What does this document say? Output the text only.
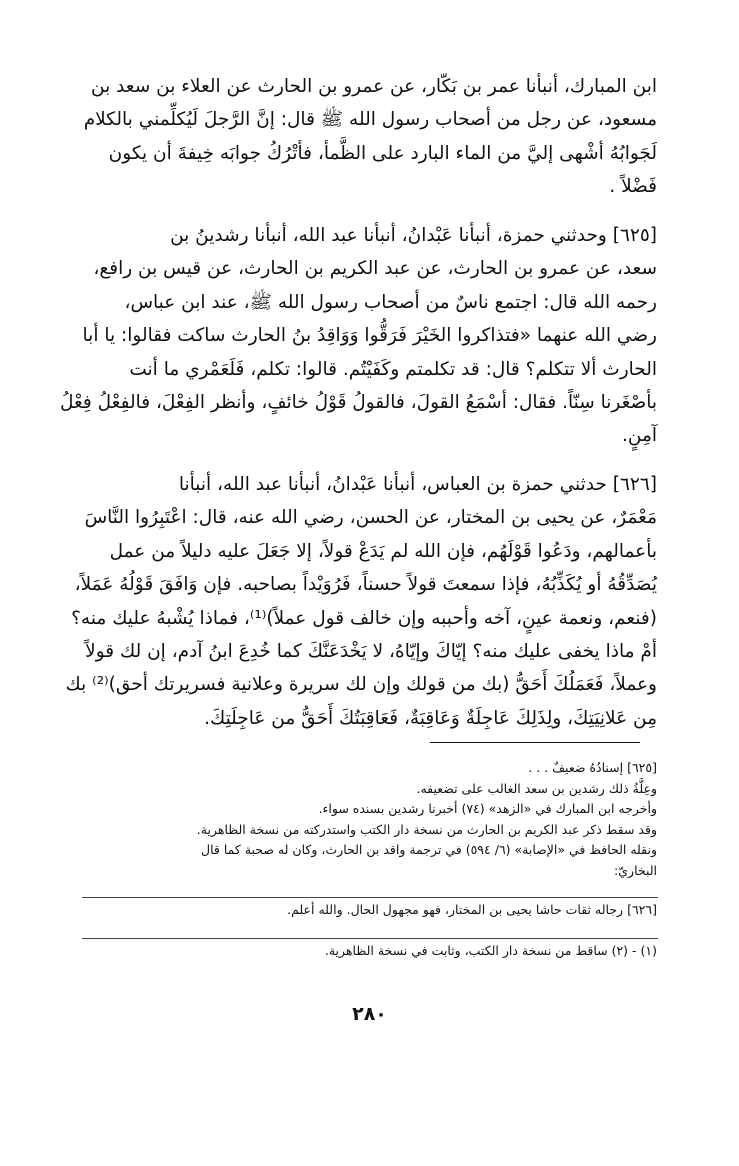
ابن المبارك، أنبأنا عمر بن بَكّار، عن عمرو بن الحارث عن العلاء بن سعد بن
مسعود، عن رجل من أصحاب رسول الله ﷺ قال: إنَّ الرَّجلَ لَيُكلِّمني بالكلام
لَجَوابُهُ أشْهى إليَّ من الماء البارد على الظَّمأ، فأتْرُكُ جوابَه خِيفةَ أن يكون
فَضْلاً .
[٦٢٥] وحدثني حمزة، أنبأنا عَبْدانُ، أنبأنا عبد الله، أنبأنا رشدينُ بن
سعد، عن عمرو بن الحارث، عن عبد الكريم بن الحارث، عن قيس بن رافع،
رحمه الله قال: اجتمع ناسٌ من أصحاب رسول الله ﷺ، عند ابن عباس،
رضي الله عنهما «فتذاكروا الخَيْرَ فَرَقُّوا وَوَاقِدُ بنُ الحارث ساكت فقالوا: يا أبا
الحارث ألا تتكلم؟ قال: قد تكلمتم وكَفَيْتُم. قالوا: تكلم، فَلَعَمْري ما أنت
بأصْغَرنا سِنّاً. فقال: أسْمَعُ القولَ، فالقولُ قَوْلُ خائفٍ، وأنظر الفِعْلَ، فالفِعْلُ فِعْلُ
آمِنٍ.
[٦٢٦] حدثني حمزة بن العباس، أنبأنا عَبْدانُ، أنبأنا عبد الله، أنبأنا
مَعْمَرٌ، عن يحيى بن المختار، عن الحسن، رضي الله عنه، قال: اعْتَبِرُوا النَّاسَ
بأعمالهم، ودَعُوا قَوْلَهُم، فإن الله لم يَدَعْ قولاً، إلا جَعَلَ عليه دليلاً من عمل
يُصَدِّقُهُ أو يُكَذِّبُهُ، فإذا سمعتَ قولاً حسناً، فَرُوَيْداً بصاحبه. فإن وَافَقَ قَوْلُهُ عَمَلاً،
(فنعم، ونعمة عينٍ، آخه وأحببه وإن خالف قول عملاً)⁽¹⁾، فماذا يُشْبهُ عليك منه؟
أمْ ماذا يخفى عليك منه؟ إيّاكَ وإيّاهُ، لا يَخْدَعَنَّكَ كما خُدِعَ ابنُ آدم، إن لك قولاً
وعملاً، فَعَمَلُكَ أَحَقُّ (بك من قولك وإن لك سريرة وعلانية فسريرتك أحق)⁽²⁾ بك
مِن عَلانِيَتِكَ، ولِذَلِكَ عَاجِلَةٌ وَعَاقِبَةٌ، فَعَاقِبَتُكَ أَحَقُّ من عَاجِلَتِكَ.
[٦٢٥] إسنادُهُ ضعيفٌ . . .
وعِلَّةُ ذلك رشدين بن سعد الغالب على تضعيفه.
وأخرجه ابن المبارك في «الزهد» (٧٤) أخبرنا رشدين بسنده سواء.
وقد سقط ذكر عبد الكريم بن الحارث من نسخة دار الكتب واستدركته من نسخة الظاهرية.
ونقله الحافظ في «الإصابة» (٦/ ٥٩٤) في ترجمة واقد بن الحارث، وكان له صحبة كما قال
البخاريّ:
[٦٢٦] رجاله ثقات حاشا يحيى بن المختار، فهو مجهول الحال. والله أعلم.
(١) - (٢) ساقط من نسخة دار الكتب، وثابت في نسخة الظاهرية.
٢٨٠
